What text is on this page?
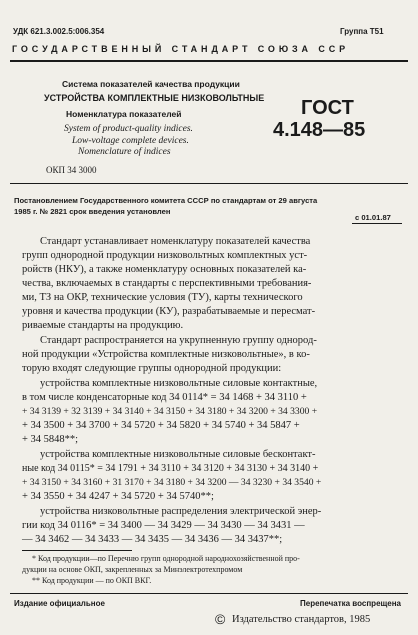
УДК 621.3.002.5:006.354	Группа Т51
ГОСУДАРСТВЕННЫЙ СТАНДАРТ СОЮЗА ССР
Система показателей качества продукции
УСТРОЙСТВА КОМПЛЕКТНЫЕ НИЗКОВОЛЬТНЫЕ
Номенклатура показателей
System of product-quality indices.
Low-voltage complete devices.
Nomenclature of indices
ГОСТ
4.148—85
ОКП 34 3000
Постановлением Государственного комитета СССР по стандартам от 29 августа
1985 г. № 2821 срок введения установлен
с 01.01.87
Стандарт устанавливает номенклатуру показателей качества
групп однородной продукции низковольтных комплектных уст-
ройств (НКУ), а также номенклатуру основных показателей ка-
чества, включаемых в стандарты с перспективными требования-
ми, ТЗ на ОКР, технические условия (ТУ), карты технического
уровня и качества продукции (КУ), разрабатываемые и пересмат-
риваемые стандарты на продукцию.
Стандарт распространяется на укрупненную группу однород-
ной продукции «Устройства комплектные низковольтные», в ко-
торую входят следующие группы однородной продукции:
устройства комплектные низковольтные силовые контактные,
в том числе конденсаторные код 34 0114* = 34 1468 + 34 3110 +
+ 34 3139 + 32 3139 + 34 3140 + 34 3150 + 34 3180 + 34 3200 + 34 3300 +
+ 34 3500 + 34 3700 + 34 5720 + 34 5820 + 34 5740 + 34 5847 +
+ 34 5848**;
устройства комплектные низковольтные силовые бесконтакт-
ные код 34 0115* = 34 1791 + 34 3110 + 34 3120 + 34 3130 + 34 3140 +
+ 34 3150 + 34 3160 + 31 3170 + 34 3180 + 34 3200 — 34 3230 + 34 3540 +
+ 34 3550 + 34 4247 + 34 5720 + 34 5740**;
устройства низковольтные распределения электрической энер-
гии код 34 0116* = 34 3400 — 34 3429 — 34 3430 — 34 3431 —
— 34 3462 — 34 3433 — 34 3435 — 34 3436 — 34 3437**;
* Код продукции—по Перечню групп однородной народнохозяйственной про-
дукции на основе ОКП, закрепленных за Минэлектротехпромом
** Код продукции — по ОКП ВКГ.
Издание официальное	Перепечатка воспрещена
© Издательство стандартов, 1985
